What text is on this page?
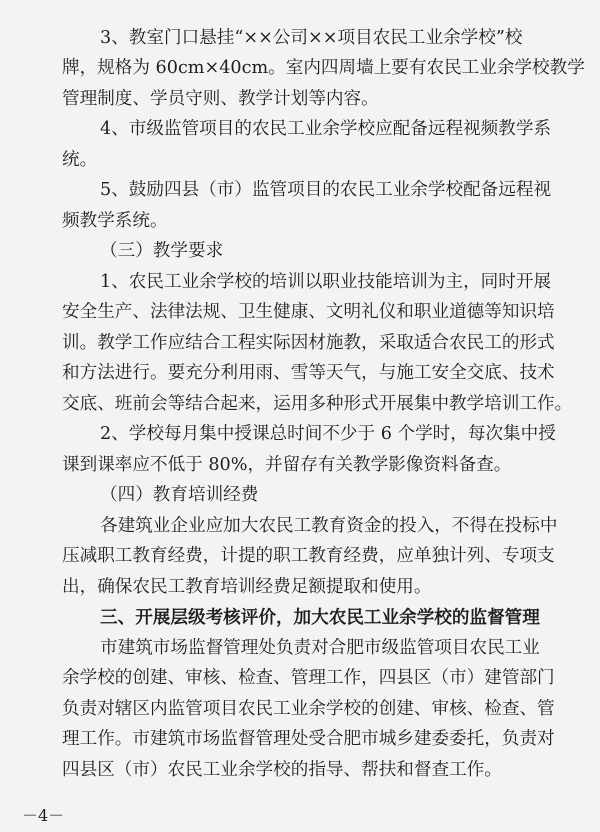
3、教室门口悬挂“××公司××项目农民工业余学校”校
牌，规格为 60cm×40cm。室内四周墙上要有农民工业余学校教学
管理制度、学员守则、教学计划等内容。
4、市级监管项目的农民工业余学校应配备远程视频教学系
统。
5、鼓励四县（市）监管项目的农民工业余学校配备远程视
频教学系统。
（三）教学要求
1、农民工业余学校的培训以职业技能培训为主，同时开展
安全生产、法律法规、卫生健康、文明礼仪和职业道德等知识培
训。教学工作应结合工程实际因材施教，采取适合农民工的形式
和方法进行。要充分利用雨、雪等天气，与施工安全交底、技术
交底、班前会等结合起来，运用多种形式开展集中教学培训工作。
2、学校每月集中授课总时间不少于 6 个学时，每次集中授
课到课率应不低于 80%，并留存有关教学影像资料备查。
（四）教育培训经费
各建筑业企业应加大农民工教育资金的投入，不得在投标中
压减职工教育经费，计提的职工教育经费，应单独计列、专项支
出，确保农民工教育培训经费足额提取和使用。
三、开展层级考核评价，加大农民工业余学校的监督管理
市建筑市场监督管理处负责对合肥市级监管项目农民工业
余学校的创建、审核、检查、管理工作，四县区（市）建管部门
负责对辖区内监管项目农民工业余学校的创建、审核、检查、管
理工作。市建筑市场监督管理处受合肥市城乡建委委托，负责对
四县区（市）农民工业余学校的指导、帮扶和督查工作。
－4－
